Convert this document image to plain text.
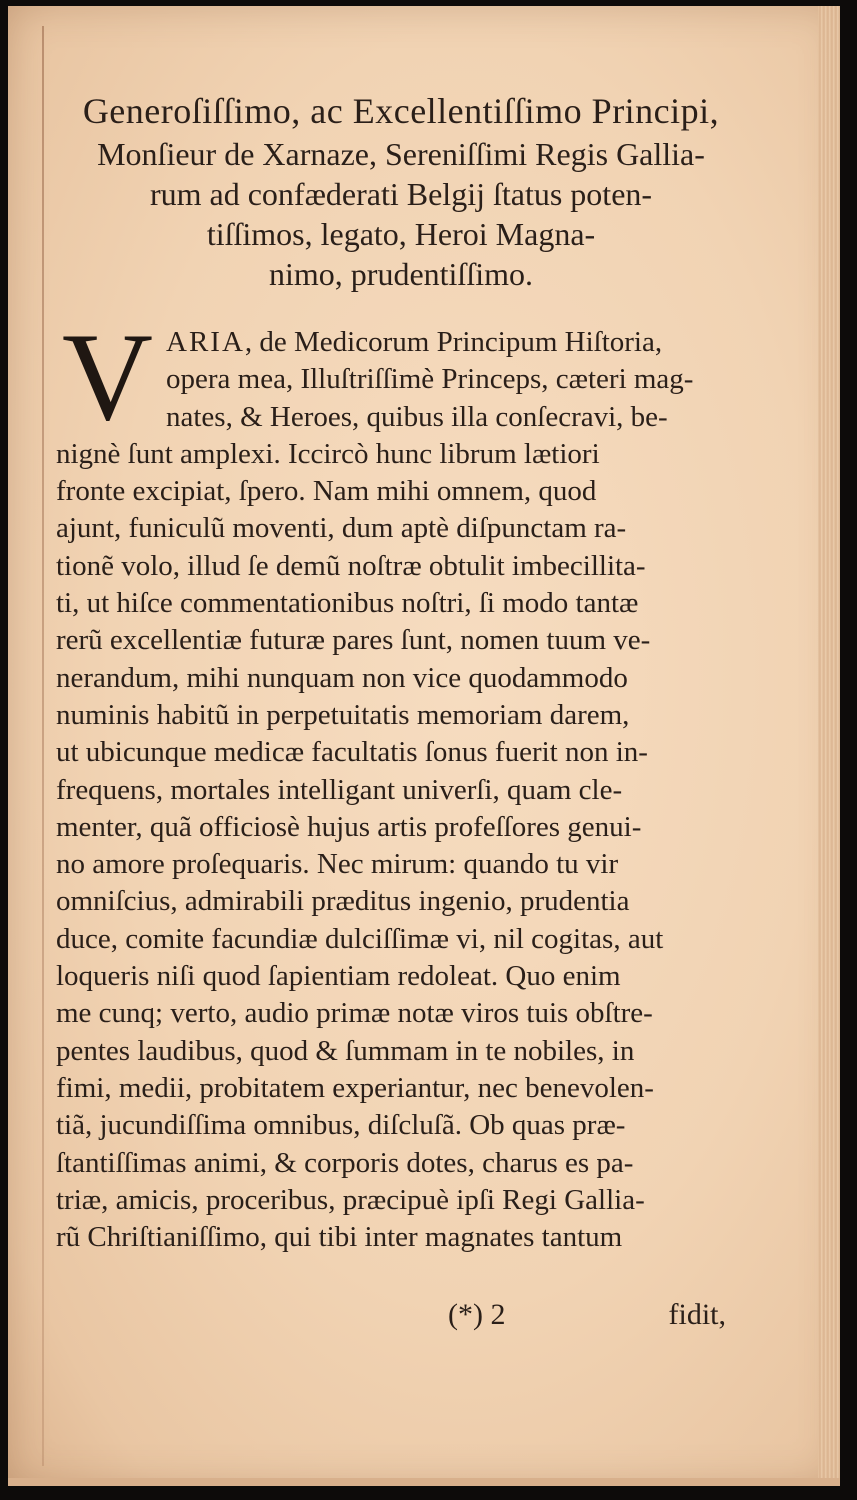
Generoſiſſimo, ac Excellentiſſimo Principi,

Monſieur de Xarnaze, Sereniſſimi Regis Gallia-

rum ad confæderati Belgij ſtatus poten-

tiſſimos, legato, Heroi Magna-

nimo, prudentiſſimo.

V ARIA, de Medicorum Principum Hiſtoria,

opera mea, Illuſtriſſimè Princeps, cæteri mag-

nates, & Heroes, quibus illa conſecravi, be-

nignè ſunt amplexi. Iccircò hunc librum lætiori

fronte excipiat, ſpero. Nam mihi omnem, quod

ajunt, funiculũ moventi, dum aptè diſpunctam ra-

tionẽ volo, illud ſe demũ noſtræ obtulit imbecillita-

ti, ut hiſce commentationibus noſtri, ſi modo tantæ

rerũ excellentiæ futuræ pares ſunt, nomen tuum ve-

nerandum, mihi nunquam non vice quodammodo

numinis habitũ in perpetuitatis memoriam darem,

ut ubicunque medicæ facultatis ſonus fuerit non in-

frequens, mortales intelligant univerſi, quam cle-

menter, quã officiosè hujus artis profeſſores genui-

no amore proſequaris. Nec mirum: quando tu vir

omniſcius, admirabili præditus ingenio, prudentia

duce, comite facundiæ dulciſſimæ vi, nil cogitas, aut

loqueris niſi quod ſapientiam redoleat. Quo enim

me cunq; verto, audio primæ notæ viros tuis obſtre-

pentes laudibus, quod & ſummam in te nobiles, in

fimi, medii, probitatem experiantur, nec benevolen-

tiã, jucundiſſima omnibus, diſcluſã. Ob quas præ-

ſtantiſſimas animi, & corporis dotes, charus es pa-

triæ, amicis, proceribus, præcipuè ipſi Regi Gallia-

rũ Chriſtianiſſimo, qui tibi inter magnates tantum

(*) 2	fidit,
